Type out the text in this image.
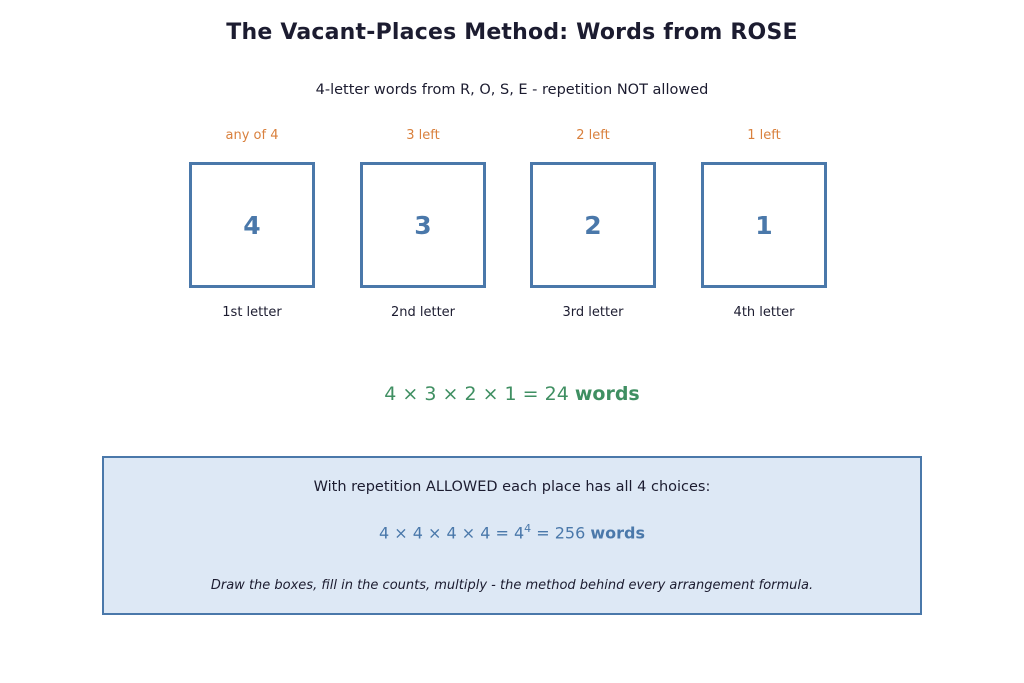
The Vacant-Places Method: Words from ROSE
4-letter words from R, O, S, E - repetition NOT allowed
any of 4
4
1st letter
3 left
3
2nd letter
2 left
2
3rd letter
1 left
1
4th letter
4 × 3 × 2 × 1 = 24 words
With repetition ALLOWED each place has all 4 choices:
$4 \times 4 \times 4 \times 4 = 4^4 = 256$ words
Draw the boxes, fill in the counts, multiply - the method behind every arrangement formula.
